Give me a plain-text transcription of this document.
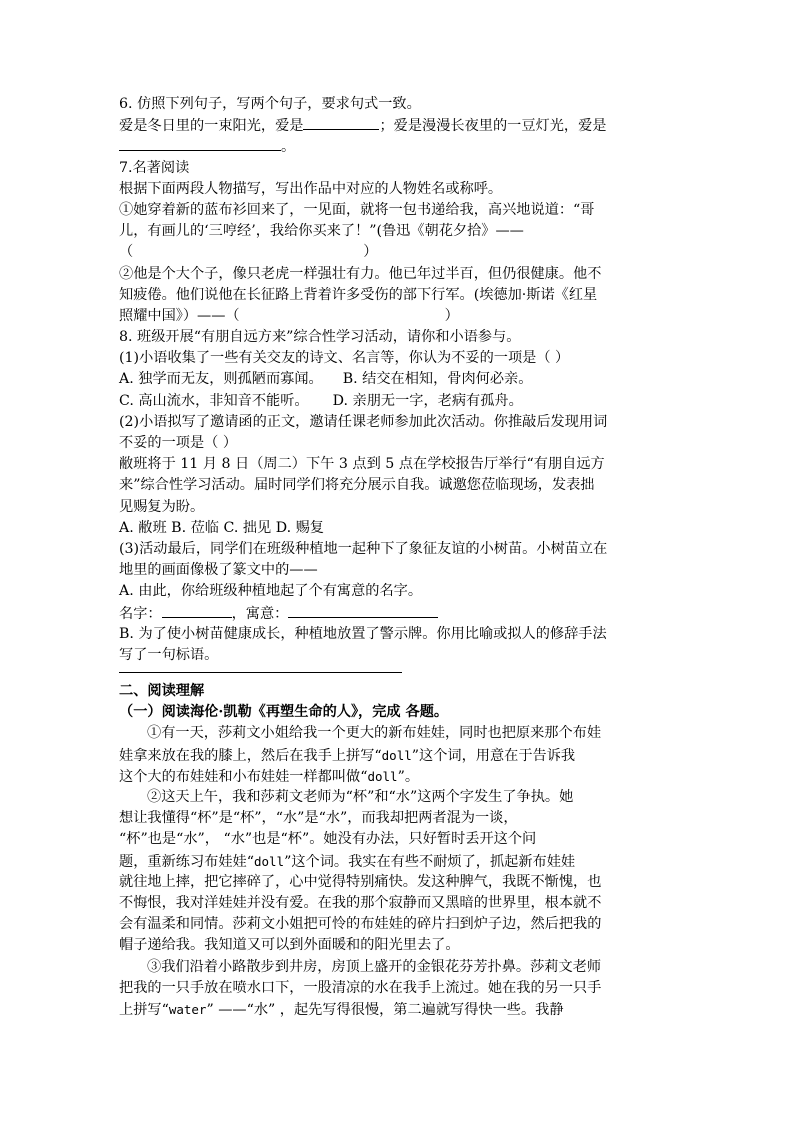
6. 仿照下列句子，写两个句子，要求句式一致。
爱是冬日里的一束阳光，爱是	；爱是漫漫长夜里的一豆灯光，爱是
。
7.名著阅读
根据下面两段人物描写，写出作品中对应的人物姓名或称呼。
①她穿着新的蓝布衫回来了，一见面，就将一包书递给我，高兴地说道：“哥
儿，有画儿的‘三哼经’，我给你买来了！”(鲁迅《朝花夕拾》——
（	）
②他是个大个子，像只老虎一样强壮有力。他已年过半百，但仍很健康。他不
知疲倦。他们说他在长征路上背着许多受伤的部下行军。(埃德加·斯诺《红星
照耀中国》）——（	）
8. 班级开展“有朋自远方来”综合性学习活动，请你和小语参与。
(1)小语收集了一些有关交友的诗文、名言等，你认为不妥的一项是（ ）
A. 独学而无友，则孤陋而寡闻。 B. 结交在相知，骨肉何必亲。
C. 高山流水，非知音不能听。 D. 亲朋无一字，老病有孤舟。
(2)小语拟写了邀请函的正文，邀请任课老师参加此次活动。你推敲后发现用词
不妥的一项是（ ）
敝班将于 11 月 8 日（周二）下午 3 点到 5 点在学校报告厅举行“有朋自远方
来”综合性学习活动。届时同学们将充分展示自我。诚邀您莅临现场，发表拙
见赐复为盼。
A. 敝班 B. 莅临 C. 拙见 D. 赐复
(3)活动最后，同学们在班级种植地一起种下了象征友谊的小树苗。小树苗立在
地里的画面像极了篆文中的——
A. 由此，你给班级种植地起了个有寓意的名字。
名字：	，寓意：
B. 为了使小树苗健康成长，种植地放置了警示牌。你用比喻或拟人的修辞手法
写了一句标语。
二、阅读理解
（一）阅读海伦·凯勒《再塑生命的人》，完成 各题。
①有一天，莎莉文小姐给我一个更大的新布娃娃，同时也把原来那个布娃
娃拿来放在我的膝上，然后在我手上拼写“doll”这个词，用意在于告诉我
这个大的布娃娃和小布娃娃一样都叫做“doll”。
②这天上午，我和莎莉文老师为“杯”和“水”这两个字发生了争执。她
想让我懂得“杯”是“杯”，“水”是“水”，而我却把两者混为一谈，
“杯”也是“水”， “水”也是“杯”。她没有办法，只好暂时丢开这个问
题，重新练习布娃娃“doll”这个词。我实在有些不耐烦了，抓起新布娃娃
就往地上摔，把它摔碎了，心中觉得特别痛快。发这种脾气，我既不惭愧，也
不悔恨，我对洋娃娃并没有爱。在我的那个寂静而又黑暗的世界里，根本就不
会有温柔和同情。莎莉文小姐把可怜的布娃娃的碎片扫到炉子边，然后把我的
帽子递给我。我知道又可以到外面暖和的阳光里去了。
③我们沿着小路散步到井房，房顶上盛开的金银花芬芳扑鼻。莎莉文老师
把我的一只手放在喷水口下，一股清凉的水在我手上流过。她在我的另一只手
上拼写“water” ——“水” ，起先写得很慢，第二遍就写得快一些。我静
